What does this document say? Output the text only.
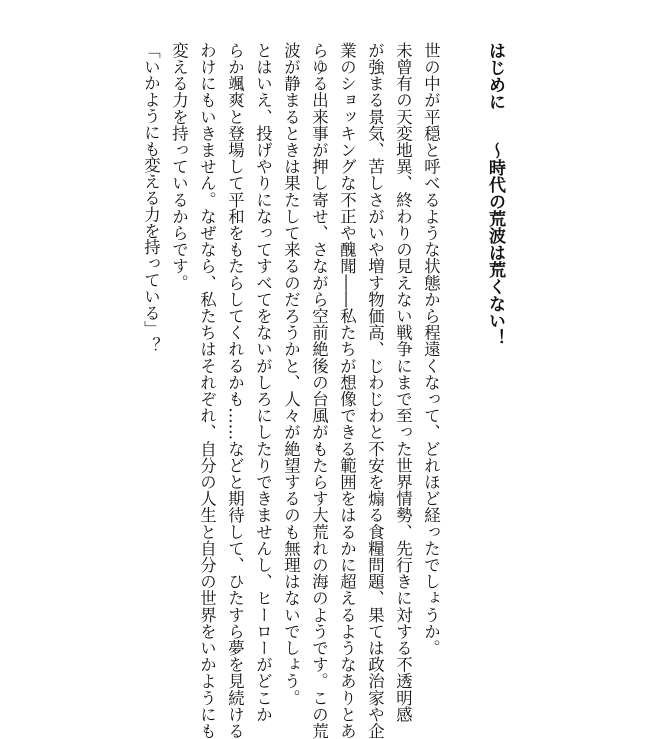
はじめに～時代の荒波は荒くない！
世の中が平穏と呼べるような状態から程遠くなって、どれほど経ったでしょうか。
未曾有の天変地異、終わりの見えない戦争にまで至った世界情勢、先行きに対する不透明感
が強まる景気、苦しさがいや増す物価高、じわじわと不安を煽る食糧問題、果ては政治家や企
業のショッキングな不正や醜聞――私たちが想像できる範囲をはるかに超えるようなありとあ
らゆる出来事が押し寄せ、さながら空前絶後の台風がもたらす大荒れの海のようです。この荒
波が静まるときは果たして来るのだろうかと、人々が絶望するのも無理はないでしょう。
とはいえ、投げやりになってすべてをないがしろにしたりできませんし、ヒーローがどこか
らか颯爽と登場して平和をもたらしてくれるかも……などと期待して、ひたすら夢を見続ける
わけにもいきません。なぜなら、私たちはそれぞれ、自分の人生と自分の世界をいかようにも
変える力を持っているからです。
「いかようにも変える力を持っている」？
